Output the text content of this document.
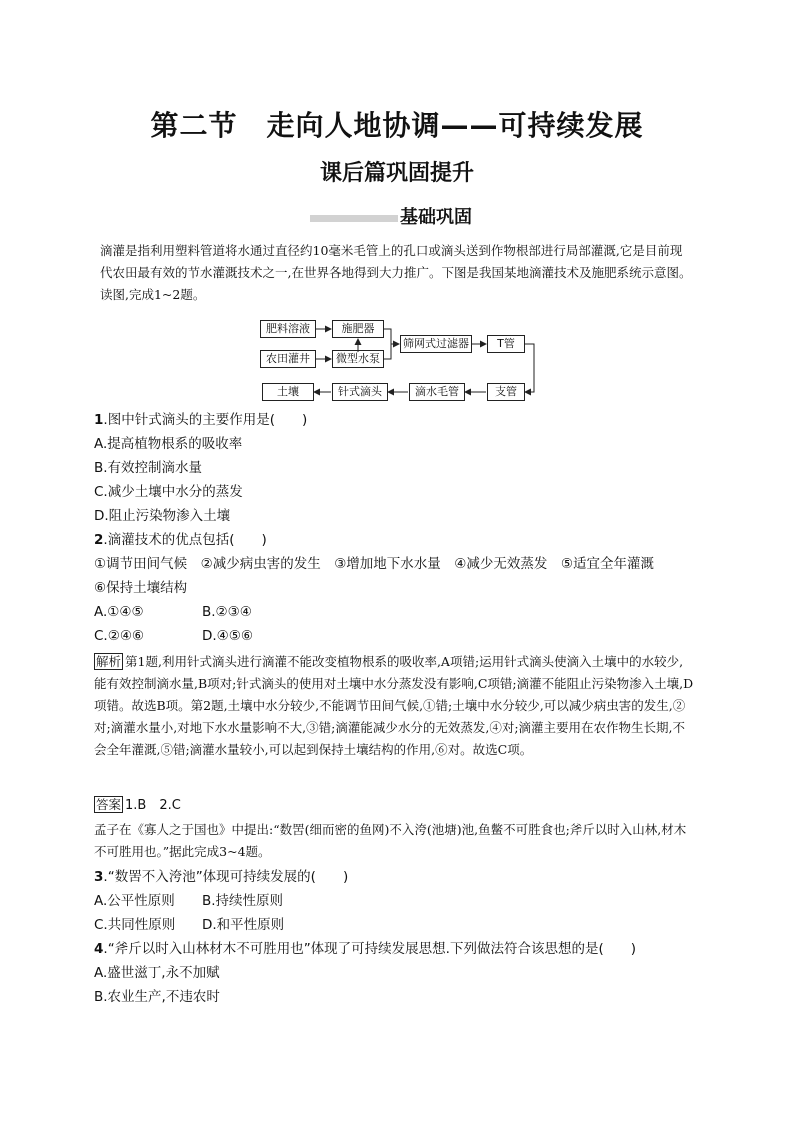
第二节　走向人地协调——可持续发展
课后篇巩固提升
基础巩固
滴灌是指利用塑料管道将水通过直径约10毫米毛管上的孔口或滴头送到作物根部进行局部灌溉,它是目前现代农田最有效的节水灌溉技术之一,在世界各地得到大力推广。下图是我国某地滴灌技术及施肥系统示意图。读图,完成1~2题。
肥料溶液	施肥器
农田灌井	微型水泵
筛网式过滤器	T管
土壤	针式滴头	滴水毛管	支管
1.图中针式滴头的主要作用是(　　)
A.提高植物根系的吸收率
B.有效控制滴水量
C.减少土壤中水分的蒸发
D.阻止污染物渗入土壤
2.滴灌技术的优点包括(　　)
①调节田间气候　②减少病虫害的发生　③增加地下水水量　④减少无效蒸发　⑤适宜全年灌溉
⑥保持土壤结构
A.①④⑤	B.②③④
C.②④⑥	D.④⑤⑥
解析 第1题,利用针式滴头进行滴灌不能改变植物根系的吸收率,A项错;运用针式滴头使滴入土壤中的水较少,能有效控制滴水量,B项对;针式滴头的使用对土壤中水分蒸发没有影响,C项错;滴灌不能阻止污染物渗入土壤,D项错。故选B项。第2题,土壤中水分较少,不能调节田间气候,①错;土壤中水分较少,可以减少病虫害的发生,②对;滴灌水量小,对地下水水量影响不大,③错;滴灌能减少水分的无效蒸发,④对;滴灌主要用在农作物生长期,不会全年灌溉,⑤错;滴灌水量较小,可以起到保持土壤结构的作用,⑥对。故选C项。
答案 1.B　2.C
孟子在《寡人之于国也》中提出:“数罟(细而密的鱼网)不入洿(池塘)池,鱼鳖不可胜食也;斧斤以时入山林,材木不可胜用也。”据此完成3~4题。
3.“数罟不入洿池”体现可持续发展的(　　)
A.公平性原则 B.持续性原则
C.共同性原则 D.和平性原则
4.“斧斤以时入山林材木不可胜用也”体现了可持续发展思想.下列做法符合该思想的是(　　)
A.盛世滋丁,永不加赋
B.农业生产,不违农时
